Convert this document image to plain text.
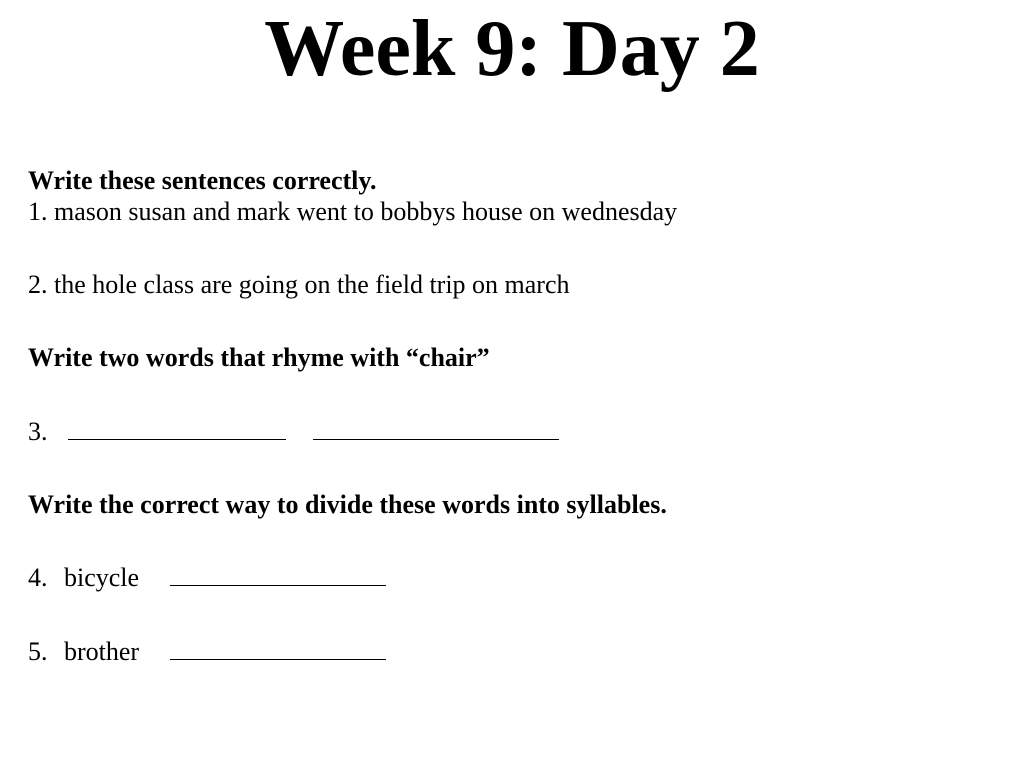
Week 9: Day 2
Write these sentences correctly.
1. mason susan and mark went to bobbys house on wednesday
2. the hole class are going on the field trip on march
Write two words that rhyme with “chair”
3.
Write the correct way to divide these words into syllables.
4. bicycle
5. brother
